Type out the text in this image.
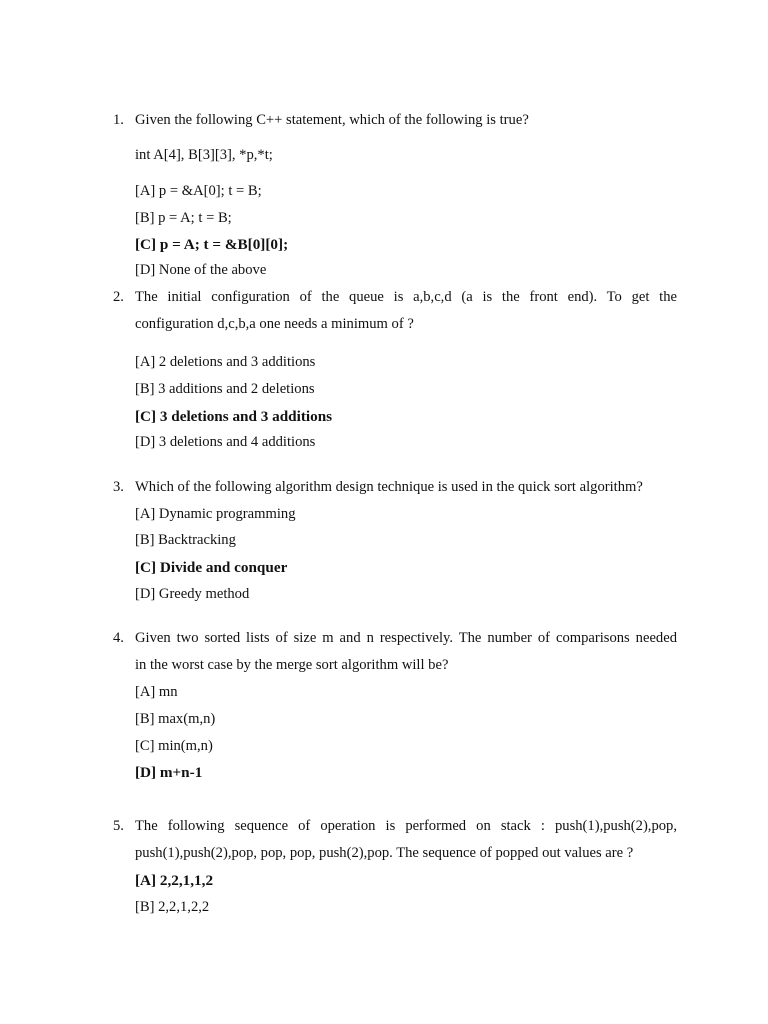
1. Given the following C++ statement, which of the following is true?
int A[4], B[3][3], *p,*t;
[A] p = &A[0]; t = B;
[B] p = A; t = B;
[C] p = A; t = &B[0][0];
[D] None of the above
2. The initial configuration of the queue is a,b,c,d (a is the front end). To get the
configuration d,c,b,a one needs a minimum of ?
[A] 2 deletions and 3 additions
[B] 3 additions and 2 deletions
[C] 3 deletions and 3 additions
[D] 3 deletions and 4 additions
3. Which of the following algorithm design technique is used in the quick sort algorithm?
[A] Dynamic programming
[B] Backtracking
[C] Divide and conquer
[D] Greedy method
4. Given two sorted lists of size m and n respectively. The number of comparisons needed
in the worst case by the merge sort algorithm will be?
[A] mn
[B] max(m,n)
[C] min(m,n)
[D] m+n-1
5. The following sequence of operation is performed on stack : push(1),push(2),pop,
push(1),push(2),pop, pop, pop, push(2),pop. The sequence of popped out values are ?
[A] 2,2,1,1,2
[B] 2,2,1,2,2
